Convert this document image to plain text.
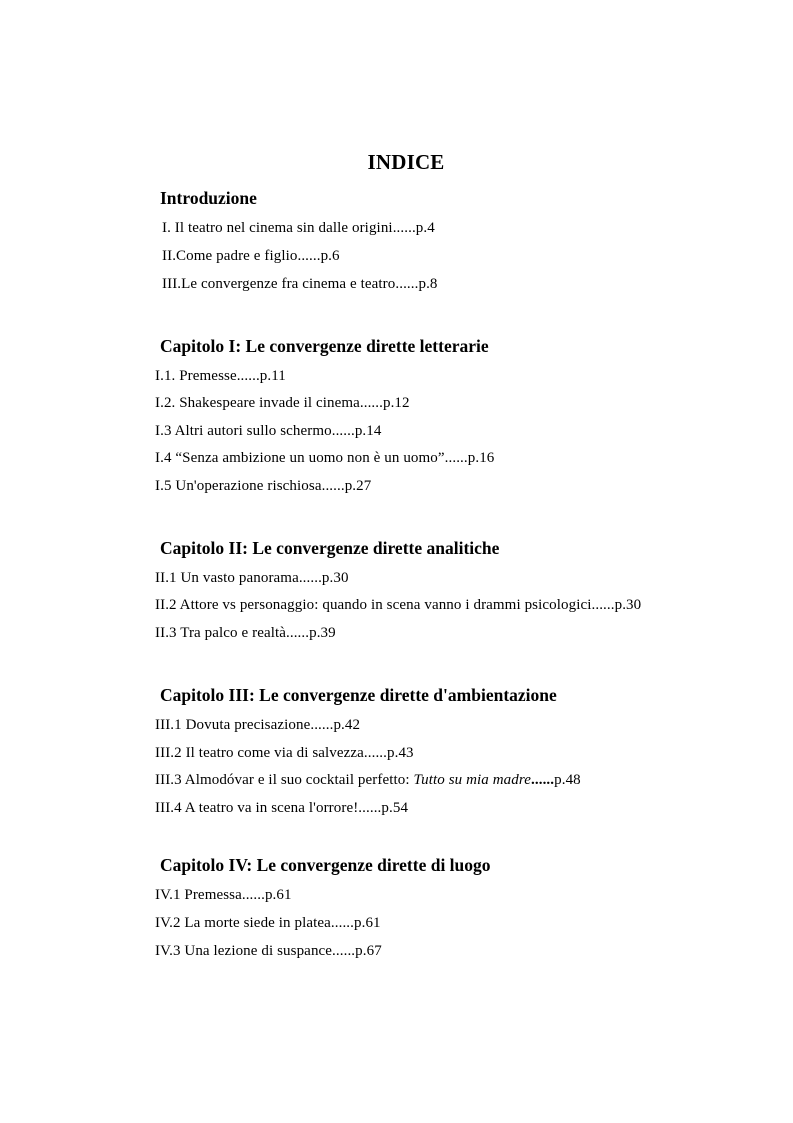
INDICE
Introduzione
I. Il teatro nel cinema sin dalle origini......p.4
II.Come padre e figlio......p.6
III.Le convergenze fra cinema e teatro......p.8
Capitolo I: Le convergenze dirette letterarie
I.1. Premesse......p.11
I.2. Shakespeare invade il cinema......p.12
I.3 Altri autori sullo schermo......p.14
I.4 “Senza ambizione un uomo non è un uomo”......p.16
I.5 Un'operazione rischiosa......p.27
Capitolo II: Le convergenze dirette analitiche
II.1 Un vasto panorama......p.30
II.2 Attore vs personaggio: quando in scena vanno i drammi psicologici......p.30
II.3 Tra palco e realtà......p.39
Capitolo III: Le convergenze dirette d'ambientazione
III.1 Dovuta precisazione......p.42
III.2 Il teatro come via di salvezza......p.43
III.3 Almodóvar e il suo cocktail perfetto: Tutto su mia madre......p.48
III.4 A teatro va in scena l'orrore!......p.54
Capitolo IV: Le convergenze dirette di luogo
IV.1 Premessa......p.61
IV.2 La morte siede in platea......p.61
IV.3 Una lezione di suspance......p.67
